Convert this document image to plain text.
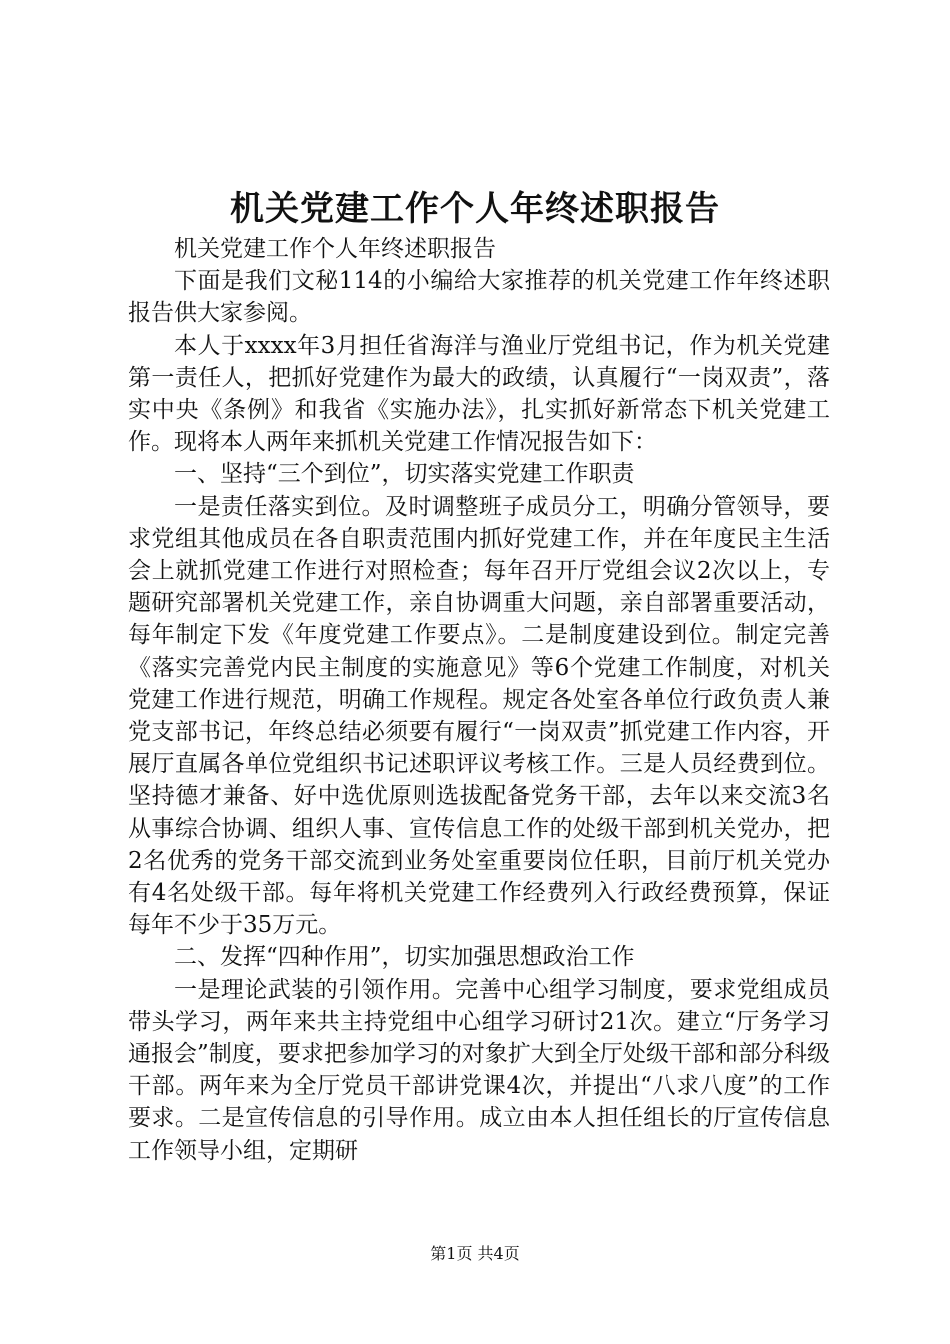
机关党建工作个人年终述职报告

机关党建工作个人年终述职报告

下面是我们文秘114的小编给大家推荐的机关党建工作年终述职报告供大家参阅。

本人于xxxx年3月担任省海洋与渔业厅党组书记，作为机关党建第一责任人，把抓好党建作为最大的政绩，认真履行“一岗双责”，落实中央《条例》和我省《实施办法》，扎实抓好新常态下机关党建工作。现将本人两年来抓机关党建工作情况报告如下：

一、坚持“三个到位”，切实落实党建工作职责

一是责任落实到位。及时调整班子成员分工，明确分管领导，要求党组其他成员在各自职责范围内抓好党建工作，并在年度民主生活会上就抓党建工作进行对照检查；每年召开厅党组会议2次以上，专题研究部署机关党建工作，亲自协调重大问题，亲自部署重要活动，每年制定下发《年度党建工作要点》。二是制度建设到位。制定完善《落实完善党内民主制度的实施意见》等6个党建工作制度，对机关党建工作进行规范，明确工作规程。规定各处室各单位行政负责人兼党支部书记，年终总结必须要有履行“一岗双责”抓党建工作内容，开展厅直属各单位党组织书记述职评议考核工作。三是人员经费到位。坚持德才兼备、好中选优原则选拔配备党务干部，去年以来交流3名从事综合协调、组织人事、宣传信息工作的处级干部到机关党办，把2名优秀的党务干部交流到业务处室重要岗位任职，目前厅机关党办有4名处级干部。每年将机关党建工作经费列入行政经费预算，保证每年不少于35万元。

二、发挥“四种作用”，切实加强思想政治工作

一是理论武装的引领作用。完善中心组学习制度，要求党组成员带头学习，两年来共主持党组中心组学习研讨21次。建立“厅务学习通报会”制度，要求把参加学习的对象扩大到全厅处级干部和部分科级干部。两年来为全厅党员干部讲党课4次，并提出“八求八度”的工作要求。二是宣传信息的引导作用。成立由本人担任组长的厅宣传信息工作领导小组，定期研

第1页 共4页
